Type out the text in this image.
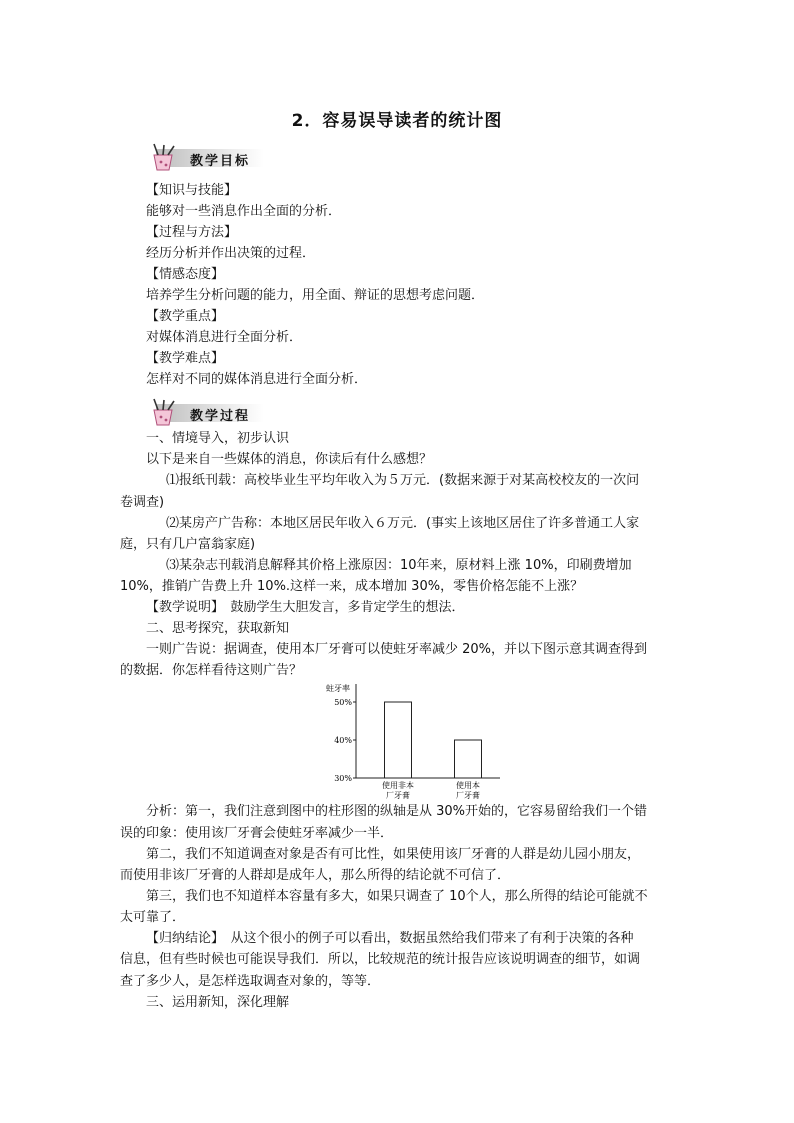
2．容易误导读者的统计图
教学目标
【知识与技能】
能够对一些消息作出全面的分析．
【过程与方法】
经历分析并作出决策的过程．
【情感态度】
培养学生分析问题的能力，用全面、辩证的思想考虑问题．
【教学重点】
对媒体消息进行全面分析．
【教学难点】
怎样对不同的媒体消息进行全面分析．
教学过程
一、情境导入，初步认识
以下是来自一些媒体的消息，你读后有什么感想？
⑴报纸刊载：高校毕业生平均年收入为５万元．(数据来源于对某高校校友的一次问
卷调查)
⑵某房产广告称：本地区居民年收入６万元．(事实上该地区居住了许多普通工人家
庭，只有几户富翁家庭)
⑶某杂志刊载消息解释其价格上涨原因：10年来，原材料上涨 10%，印刷费增加
10%，推销广告费上升 10%.这样一来，成本增加 30%，零售价格怎能不上涨？
【教学说明】　鼓励学生大胆发言，多肯定学生的想法．
二、思考探究，获取新知
一则广告说：据调查，使用本厂牙膏可以使蛀牙率减少 20%，并以下图示意其调查得到
的数据．你怎样看待这则广告？
蛀牙率
50%
40%
30%
使用非本
厂牙膏
使用本
厂牙膏
分析：第一，我们注意到图中的柱形图的纵轴是从 30%开始的，它容易留给我们一个错
误的印象：使用该厂牙膏会使蛀牙率减少一半．
第二，我们不知道调查对象是否有可比性，如果使用该厂牙膏的人群是幼儿园小朋友，
而使用非该厂牙膏的人群却是成年人，那么所得的结论就不可信了．
第三，我们也不知道样本容量有多大，如果只调查了 10个人，那么所得的结论可能就不
太可靠了．
【归纳结论】　从这个很小的例子可以看出，数据虽然给我们带来了有利于决策的各种
信息，但有些时候也可能误导我们．所以，比较规范的统计报告应该说明调查的细节，如调
查了多少人，是怎样选取调查对象的，等等．
三、运用新知，深化理解
